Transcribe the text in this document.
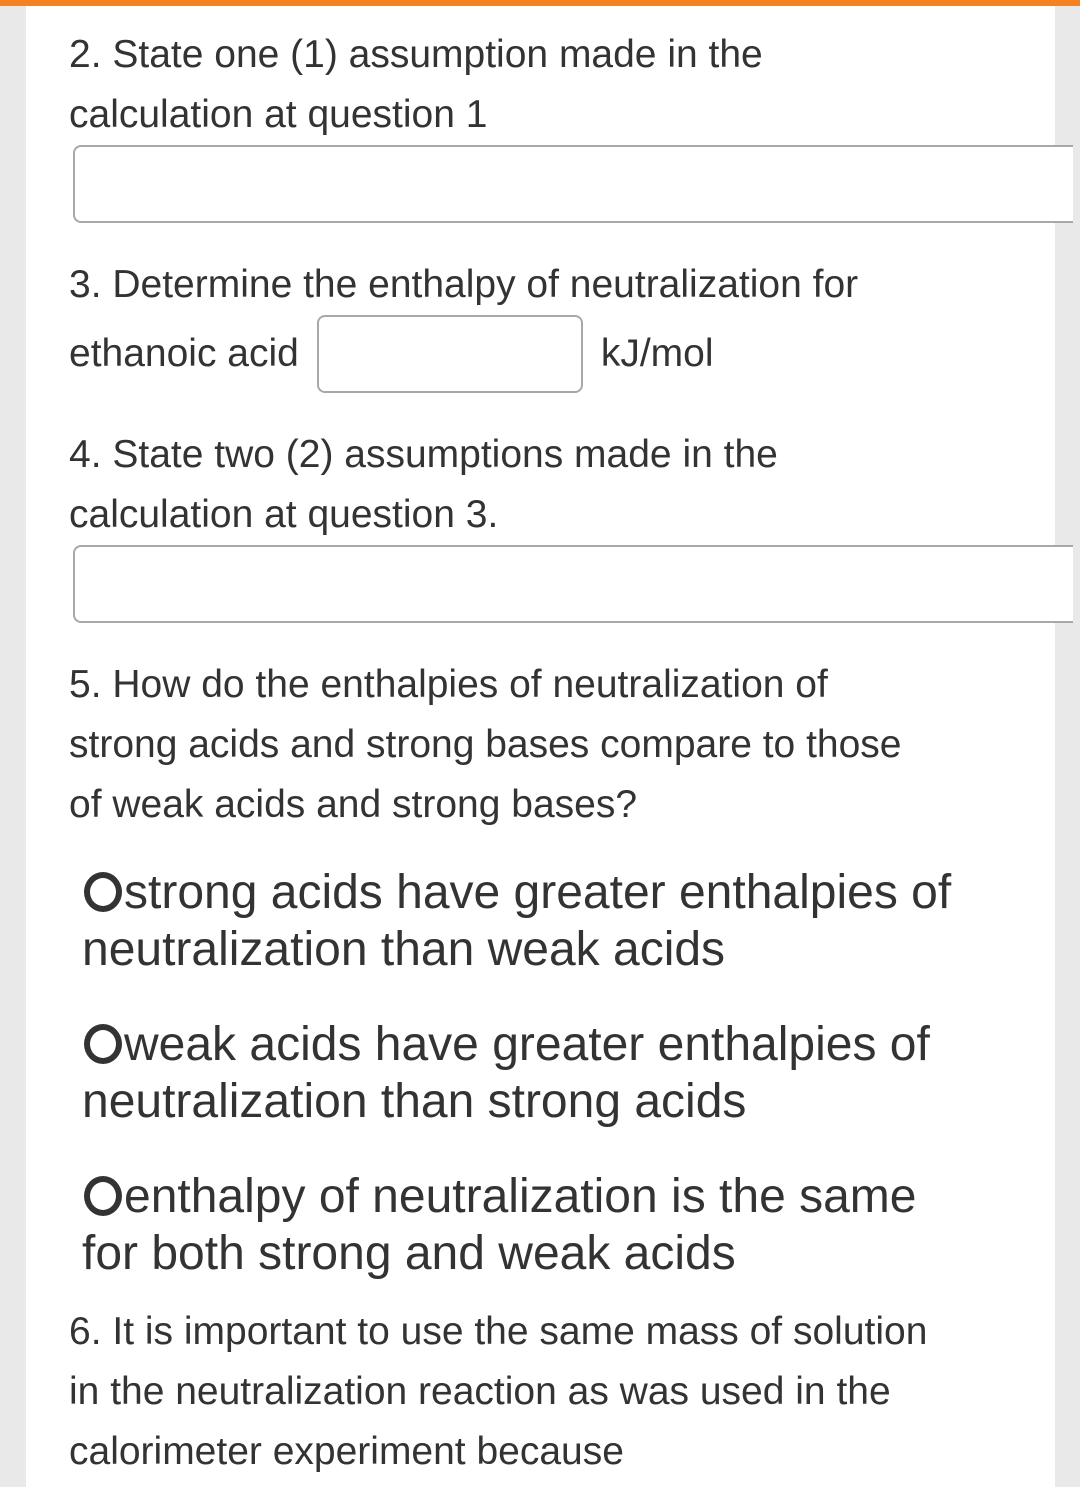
2. State one (1) assumption made in the
calculation at question 1
3. Determine the enthalpy of neutralization for
ethanoic acid	kJ/mol
4. State two (2) assumptions made in the
calculation at question 3.
5. How do the enthalpies of neutralization of
strong acids and strong bases compare to those
of weak acids and strong bases?
strong acids have greater enthalpies of
neutralization than weak acids
weak acids have greater enthalpies of
neutralization than strong acids
enthalpy of neutralization is the same
for both strong and weak acids
6. It is important to use the same mass of solution
in the neutralization reaction as was used in the
calorimeter experiment because
